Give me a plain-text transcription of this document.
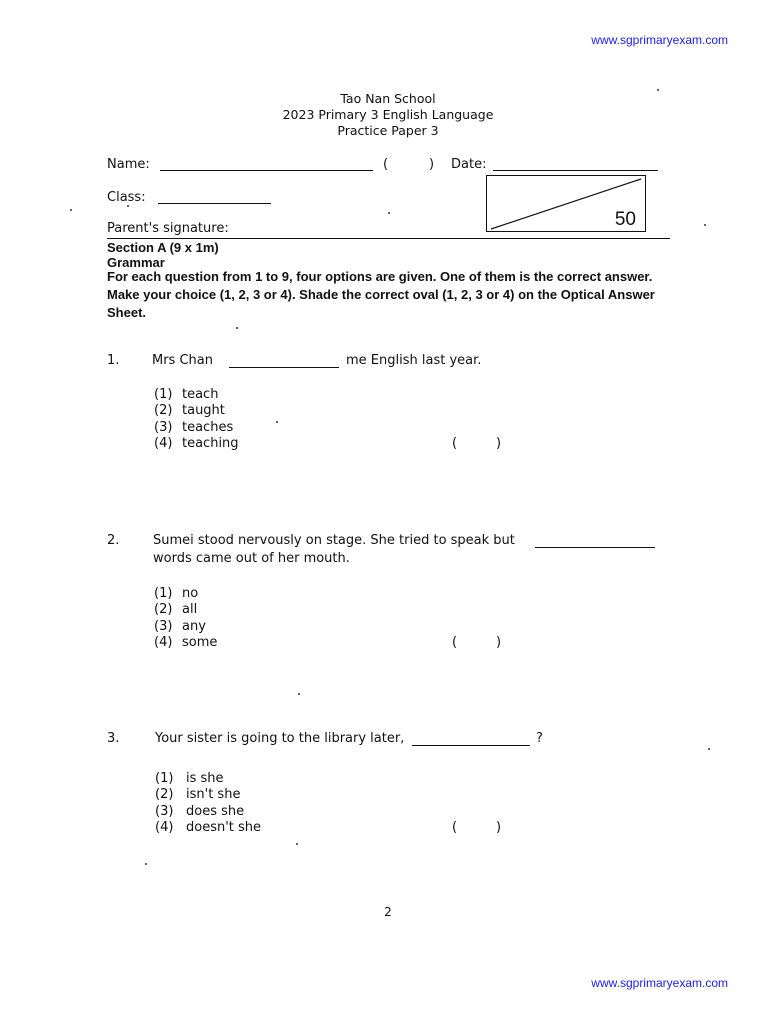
www.sgprimaryexam.com
Tao Nan School
2023 Primary 3 English Language
Practice Paper 3
Name:	(	) Date:
Class:
50
Parent's signature:
Section A (9 x 1m)
Grammar
For each question from 1 to 9, four options are given. One of them is the correct answer. Make your choice (1, 2, 3 or 4). Shade the correct oval (1, 2, 3 or 4) on the Optical Answer Sheet.
1.	Mrs Chan	me English last year.
(1) teach
(2) taught
(3) teaches
(4) teaching	(	)
2.	Sumei stood nervously on stage. She tried to speak but
words came out of her mouth.
(1) no
(2) all
(3) any
(4) some	(	)
3.	Your sister is going to the library later,	?
(1) is she
(2) isn't she
(3) does she
(4) doesn't she	(	)
2
www.sgprimaryexam.com
